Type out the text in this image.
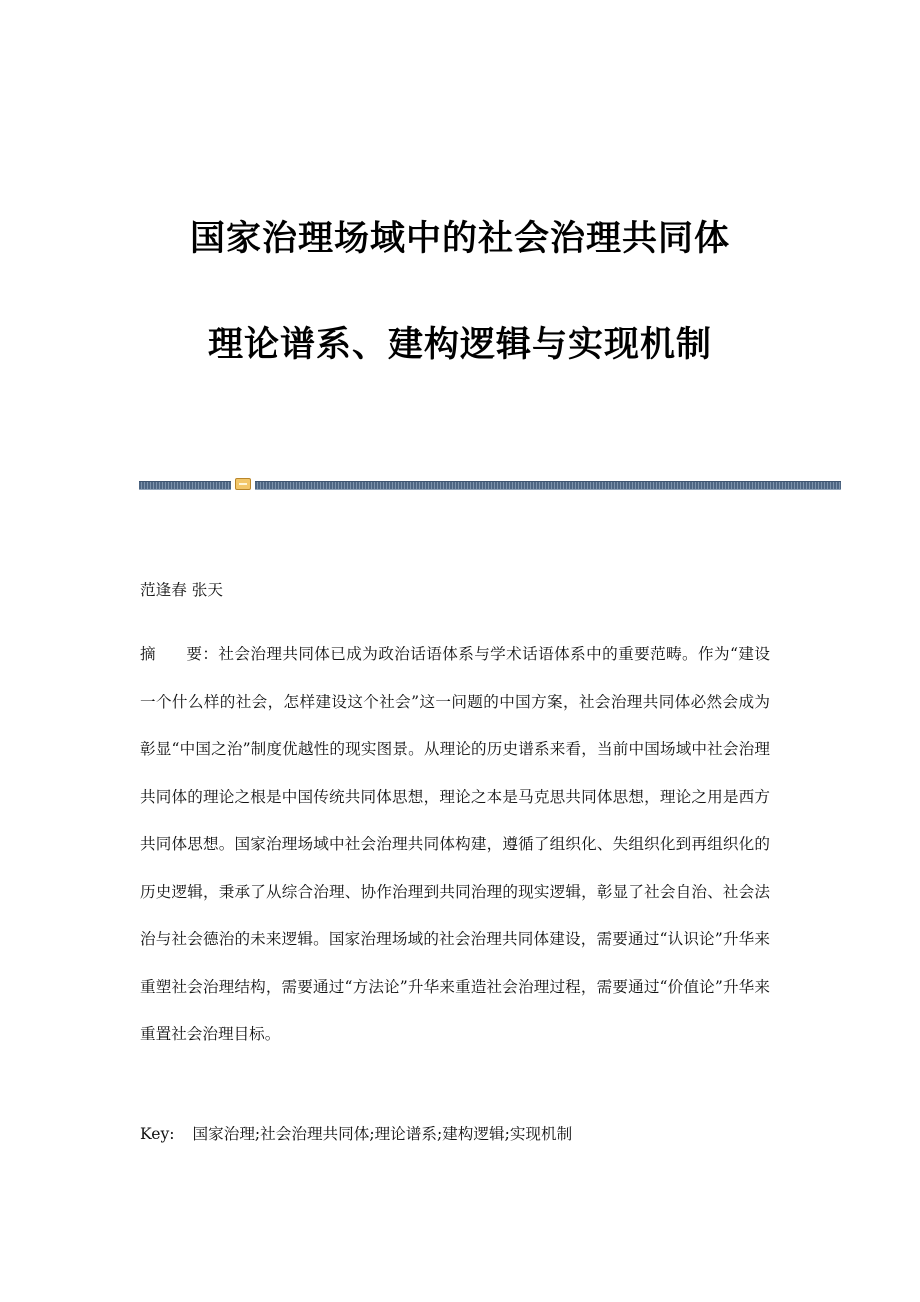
国家治理场域中的社会治理共同体
理论谱系、建构逻辑与实现机制
范逢春 张天
摘 要：社会治理共同体已成为政治话语体系与学术话语体系中的重要范畴。作为“建设一个什么样的社会，怎样建设这个社会”这一问题的中国方案，社会治理共同体必然会成为彰显“中国之治”制度优越性的现实图景。从理论的历史谱系来看，当前中国场域中社会治理共同体的理论之根是中国传统共同体思想，理论之本是马克思共同体思想，理论之用是西方共同体思想。国家治理场域中社会治理共同体构建，遵循了组织化、失组织化到再组织化的历史逻辑，秉承了从综合治理、协作治理到共同治理的现实逻辑，彰显了社会自治、社会法治与社会德治的未来逻辑。国家治理场域的社会治理共同体建设，需要通过“认识论”升华来重塑社会治理结构，需要通过“方法论”升华来重造社会治理过程，需要通过“价值论”升华来重置社会治理目标。
Key: 国家治理;社会治理共同体;理论谱系;建构逻辑;实现机制
